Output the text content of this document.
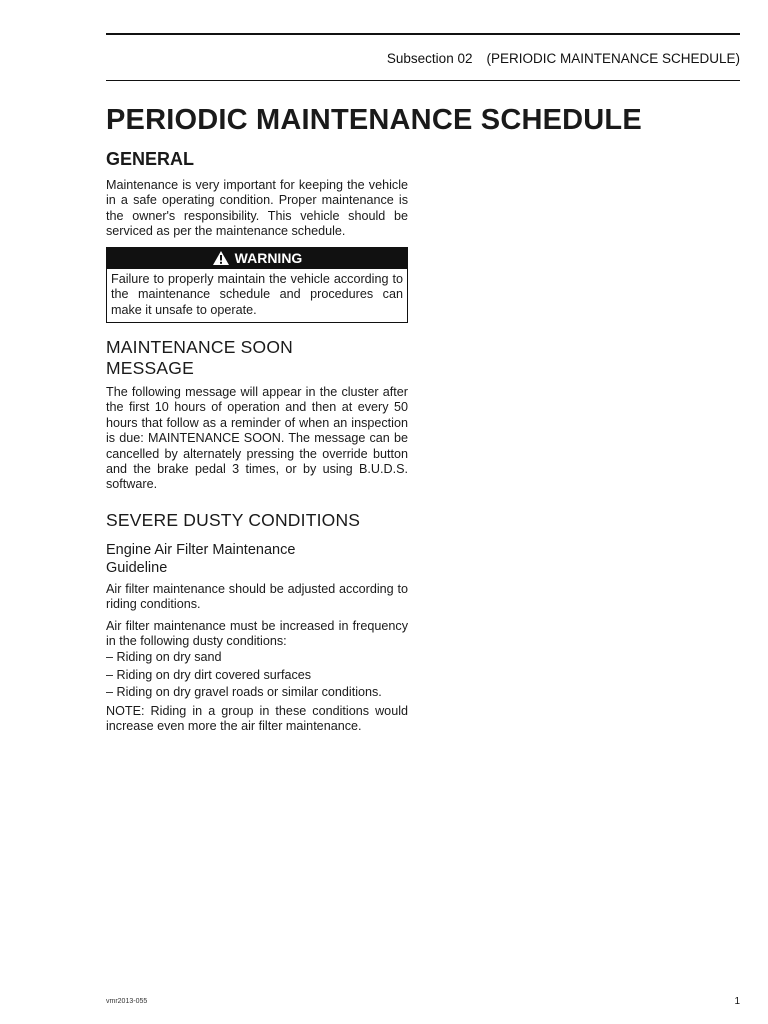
Subsection 02 (PERIODIC MAINTENANCE SCHEDULE)
PERIODIC MAINTENANCE SCHEDULE
GENERAL

Maintenance is very important for keeping the vehicle in a safe operating condition. Proper maintenance is the owner's responsibility. This vehicle should be serviced as per the maintenance schedule.

WARNING
Failure to properly maintain the vehicle according to the maintenance schedule and procedures can make it unsafe to operate.
MAINTENANCE SOON
MESSAGE

The following message will appear in the cluster after the first 10 hours of operation and then at every 50 hours that follow as a reminder of when an inspection is due: MAINTENANCE SOON. The message can be cancelled by alternately pressing the override button and the brake pedal 3 times, or by using B.U.D.S. software.

SEVERE DUSTY CONDITIONS
Engine Air Filter Maintenance
Guideline

Air filter maintenance should be adjusted according to riding conditions.

Air filter maintenance must be increased in frequency in the following dusty conditions:

– Riding on dry sand
– Riding on dry dirt covered surfaces
– Riding on dry gravel roads or similar conditions.

NOTE: Riding in a group in these conditions would increase even more the air filter maintenance.

vmr2013-055	1
